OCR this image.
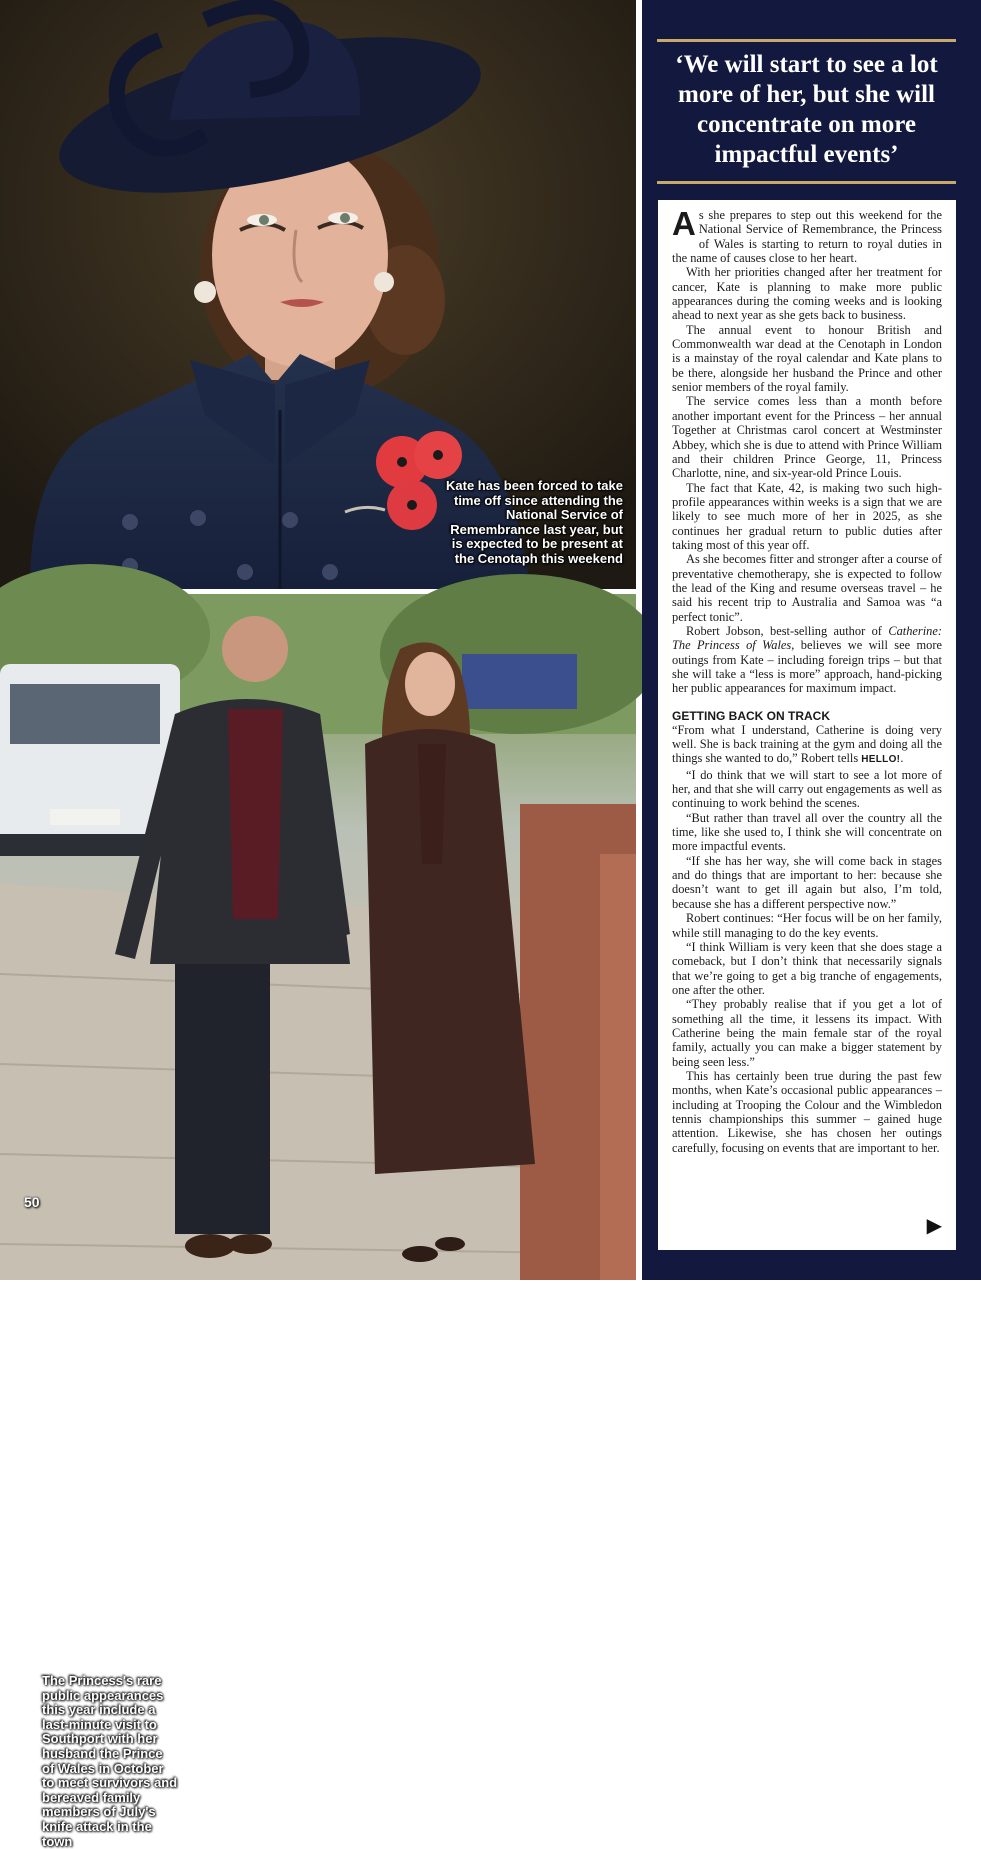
Kate has been forced to take time off since attending the National Service of Remembrance last year, but is expected to be present at the Cenotaph this weekend
The Princess's rare public appearances this year include a last-minute visit to Southport with her husband the Prince of Wales in October to meet survivors and bereaved family members of July's knife attack in the town
50
‘We will start to see a lot more of her, but she will concentrate on more impactful events’

As she prepares to step out this weekend for the National Service of Remembrance, the Princess of Wales is starting to return to royal duties in the name of causes close to her heart.

With her priorities changed after her treatment for cancer, Kate is planning to make more public appearances during the coming weeks and is looking ahead to next year as she gets back to business.

The annual event to honour British and Commonwealth war dead at the Cenotaph in London is a mainstay of the royal calendar and Kate plans to be there, alongside her husband the Prince and other senior members of the royal family.

The service comes less than a month before another important event for the Princess – her annual Together at Christmas carol concert at Westminster Abbey, which she is due to attend with Prince William and their children Prince George, 11, Princess Charlotte, nine, and six-year-old Prince Louis.

The fact that Kate, 42, is making two such high-profile appearances within weeks is a sign that we are likely to see much more of her in 2025, as she continues her gradual return to public duties after taking most of this year off.

As she becomes fitter and stronger after a course of preventative chemotherapy, she is expected to follow the lead of the King and resume overseas travel – he said his recent trip to Australia and Samoa was “a perfect tonic”.

Robert Jobson, best-selling author of Catherine: The Princess of Wales, believes we will see more outings from Kate – including foreign trips – but that she will take a “less is more” approach, hand-picking her public appearances for maximum impact.

GETTING BACK ON TRACK

“From what I understand, Catherine is doing very well. She is back training at the gym and doing all the things she wanted to do,” Robert tells HELLO!.

“I do think that we will start to see a lot more of her, and that she will carry out engagements as well as continuing to work behind the scenes.

“But rather than travel all over the country all the time, like she used to, I think she will concentrate on more impactful events.

“If she has her way, she will come back in stages and do things that are important to her: because she doesn’t want to get ill again but also, I’m told, because she has a different perspective now.”

Robert continues: “Her focus will be on her family, while still managing to do the key events.

“I think William is very keen that she does stage a comeback, but I don’t think that necessarily signals that we’re going to get a big tranche of engagements, one after the other.

“They probably realise that if you get a lot of something all the time, it lessens its impact. With Catherine being the main female star of the royal family, actually you can make a bigger statement by being seen less.”

This has certainly been true during the past few months, when Kate’s occasional public appearances – including at Trooping the Colour and the Wimbledon tennis championships this summer – gained huge attention. Likewise, she has chosen her outings carefully, focusing on events that are important to her.

▶
